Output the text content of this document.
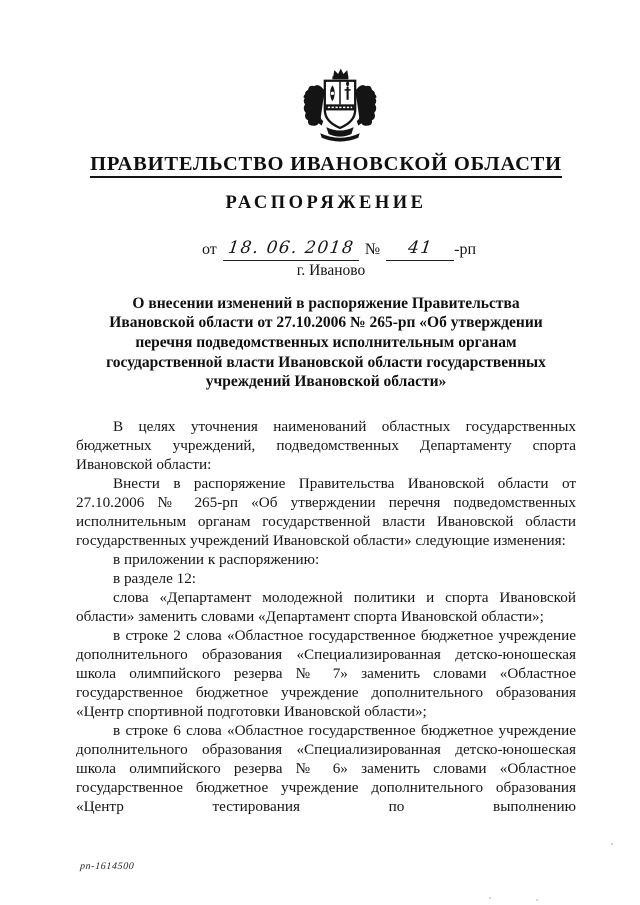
ПРАВИТЕЛЬСТВО ИВАНОВСКОЙ ОБЛАСТИ
РАСПОРЯЖЕНИЕ
от 18. 06. 2018 № 41 -рп
г. Иваново
О внесении изменений в распоряжение Правительства
Ивановской области от 27.10.2006 № 265-рп «Об утверждении
перечня подведомственных исполнительным органам
государственной власти Ивановской области государственных
учреждений Ивановской области»

В целях уточнения наименований областных государственных бюджетных учреждений, подведомственных Департаменту спорта Ивановской области:

Внести в распоряжение Правительства Ивановской области от 27.10.2006 № 265-рп «Об утверждении перечня подведомственных исполнительным органам государственной власти Ивановской области государственных учреждений Ивановской области» следующие изменения:

в приложении к распоряжению:

в разделе 12:

слова «Департамент молодежной политики и спорта Ивановской области» заменить словами «Департамент спорта Ивановской области»;

в строке 2 слова «Областное государственное бюджетное учреждение дополнительного образования «Специализированная детско-юношеская школа олимпийского резерва № 7» заменить словами «Областное государственное бюджетное учреждение дополнительного образования «Центр спортивной подготовки Ивановской области»;

в строке 6 слова «Областное государственное бюджетное учреждение дополнительного образования «Специализированная детско-юношеская школа олимпийского резерва № 6» заменить словами «Областное государственное бюджетное учреждение дополнительного образования «Центр тестирования по выполнению

рп-1614500
